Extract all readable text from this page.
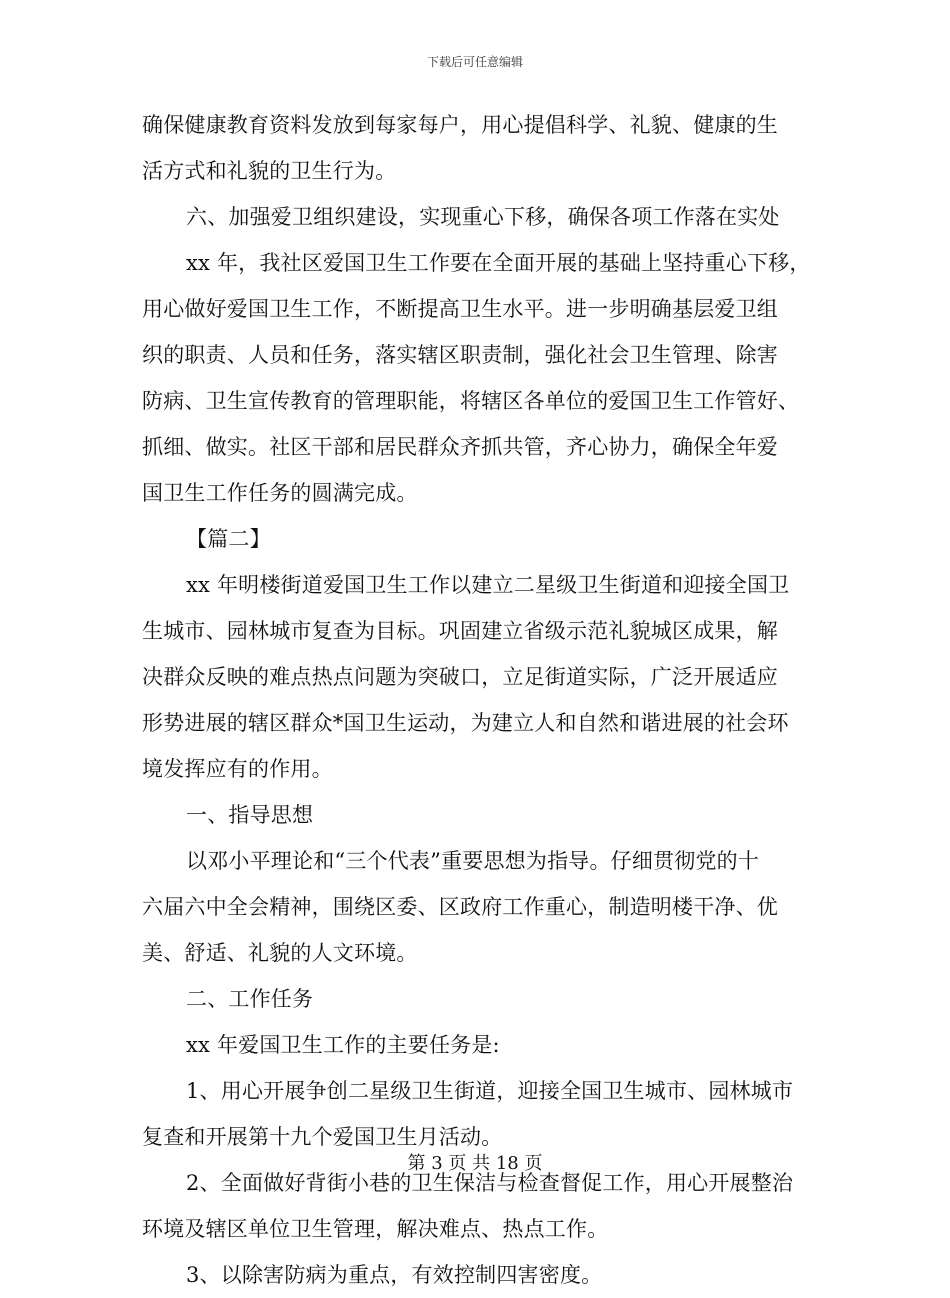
下载后可任意编辑
确保健康教育资料发放到每家每户，用心提倡科学、礼貌、健康的生
活方式和礼貌的卫生行为。
六、加强爱卫组织建设，实现重心下移，确保各项工作落在实处
xx 年，我社区爱国卫生工作要在全面开展的基础上坚持重心下移，
用心做好爱国卫生工作，不断提高卫生水平。进一步明确基层爱卫组
织的职责、人员和任务，落实辖区职责制，强化社会卫生管理、除害
防病、卫生宣传教育的管理职能，将辖区各单位的爱国卫生工作管好、
抓细、做实。社区干部和居民群众齐抓共管，齐心协力，确保全年爱
国卫生工作任务的圆满完成。
【篇二】
xx 年明楼街道爱国卫生工作以建立二星级卫生街道和迎接全国卫
生城市、园林城市复查为目标。巩固建立省级示范礼貌城区成果，解
决群众反映的难点热点问题为突破口，立足街道实际，广泛开展适应
形势进展的辖区群众*国卫生运动，为建立人和自然和谐进展的社会环
境发挥应有的作用。
一、指导思想
以邓小平理论和“三个代表”重要思想为指导。仔细贯彻党的十
六届六中全会精神，围绕区委、区政府工作重心，制造明楼干净、优
美、舒适、礼貌的人文环境。
二、工作任务
xx 年爱国卫生工作的主要任务是:
1、用心开展争创二星级卫生街道，迎接全国卫生城市、园林城市
复查和开展第十九个爱国卫生月活动。
2、全面做好背街小巷的卫生保洁与检查督促工作，用心开展整治
环境及辖区单位卫生管理，解决难点、热点工作。
3、以除害防病为重点，有效控制四害密度。
第 3 页 共 18 页
